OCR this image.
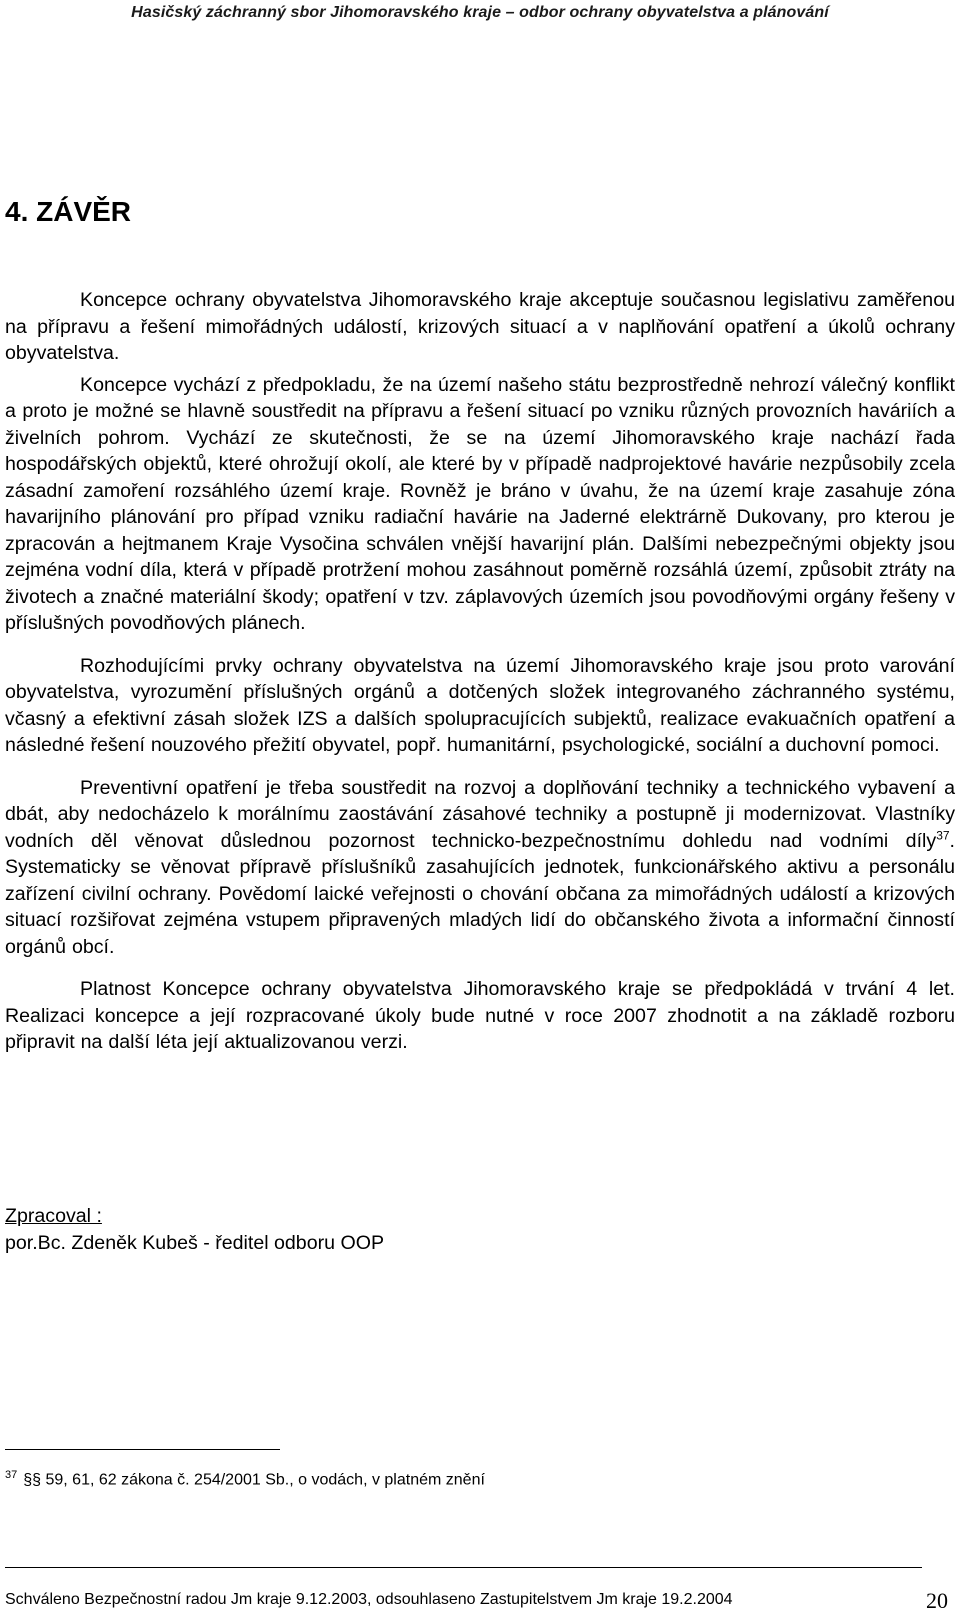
Hasičský záchranný sbor Jihomoravského kraje – odbor ochrany obyvatelstva a plánování
4. ZÁVĚR

Koncepce ochrany obyvatelstva Jihomoravského kraje akceptuje současnou legislativu zaměřenou na přípravu a řešení mimořádných událostí, krizových situací a v naplňování opatření a úkolů ochrany obyvatelstva.

Koncepce vychází z předpokladu, že na území našeho státu bezprostředně nehrozí válečný konflikt a proto je možné se hlavně soustředit na přípravu a řešení situací po vzniku různých provozních haváriích a živelních pohrom. Vychází ze skutečnosti, že se na území Jihomoravského kraje nachází řada hospodářských objektů, které ohrožují okolí, ale které by v případě nadprojektové havárie nezpůsobily zcela zásadní zamoření rozsáhlého území kraje. Rovněž je bráno v úvahu, že na území kraje zasahuje zóna havarijního plánování pro případ vzniku radiační havárie na Jaderné elektrárně Dukovany, pro kterou je zpracován a hejtmanem Kraje Vysočina schválen vnější havarijní plán. Dalšími nebezpečnými objekty jsou zejména vodní díla, která v případě protržení mohou zasáhnout poměrně rozsáhlá území, způsobit ztráty na životech a značné materiální škody; opatření v tzv. záplavových územích jsou povodňovými orgány řešeny v příslušných povodňových plánech.

Rozhodujícími prvky ochrany obyvatelstva na území Jihomoravského kraje jsou proto varování obyvatelstva, vyrozumění příslušných orgánů a dotčených složek integrovaného záchranného systému, včasný a efektivní zásah složek IZS a dalších spolupracujících subjektů, realizace evakuačních opatření a následné řešení nouzového přežití obyvatel, popř. humanitární, psychologické, sociální a duchovní pomoci.

Preventivní opatření je třeba soustředit na rozvoj a doplňování techniky a technického vybavení a dbát, aby nedocházelo k morálnímu zaostávání zásahové techniky a postupně ji modernizovat. Vlastníky vodních děl věnovat důslednou pozornost technicko-bezpečnostnímu dohledu nad vodními díly$^{37}$. Systematicky se věnovat přípravě příslušníků zasahujících jednotek, funkcionářského aktivu a personálu zařízení civilní ochrany. Povědomí laické veřejnosti o chování občana za mimořádných událostí a krizových situací rozšiřovat zejména vstupem připravených mladých lidí do občanského života a informační činností orgánů obcí.

Platnost Koncepce ochrany obyvatelstva Jihomoravského kraje se předpokládá v trvání 4 let. Realizaci koncepce a její rozpracované úkoly bude nutné v roce 2007 zhodnotit a na základě rozboru připravit na další léta její aktualizovanou verzi.

Zpracoval :
por.Bc. Zdeněk Kubeš - ředitel odboru OOP
$^{37}$ §§ 59, 61, 62 zákona č. 254/2001 Sb., o vodách, v platném znění
Schváleno Bezpečnostní radou Jm kraje 9.12.2003, odsouhlaseno Zastupitelstvem Jm kraje 19.2.2004	20
